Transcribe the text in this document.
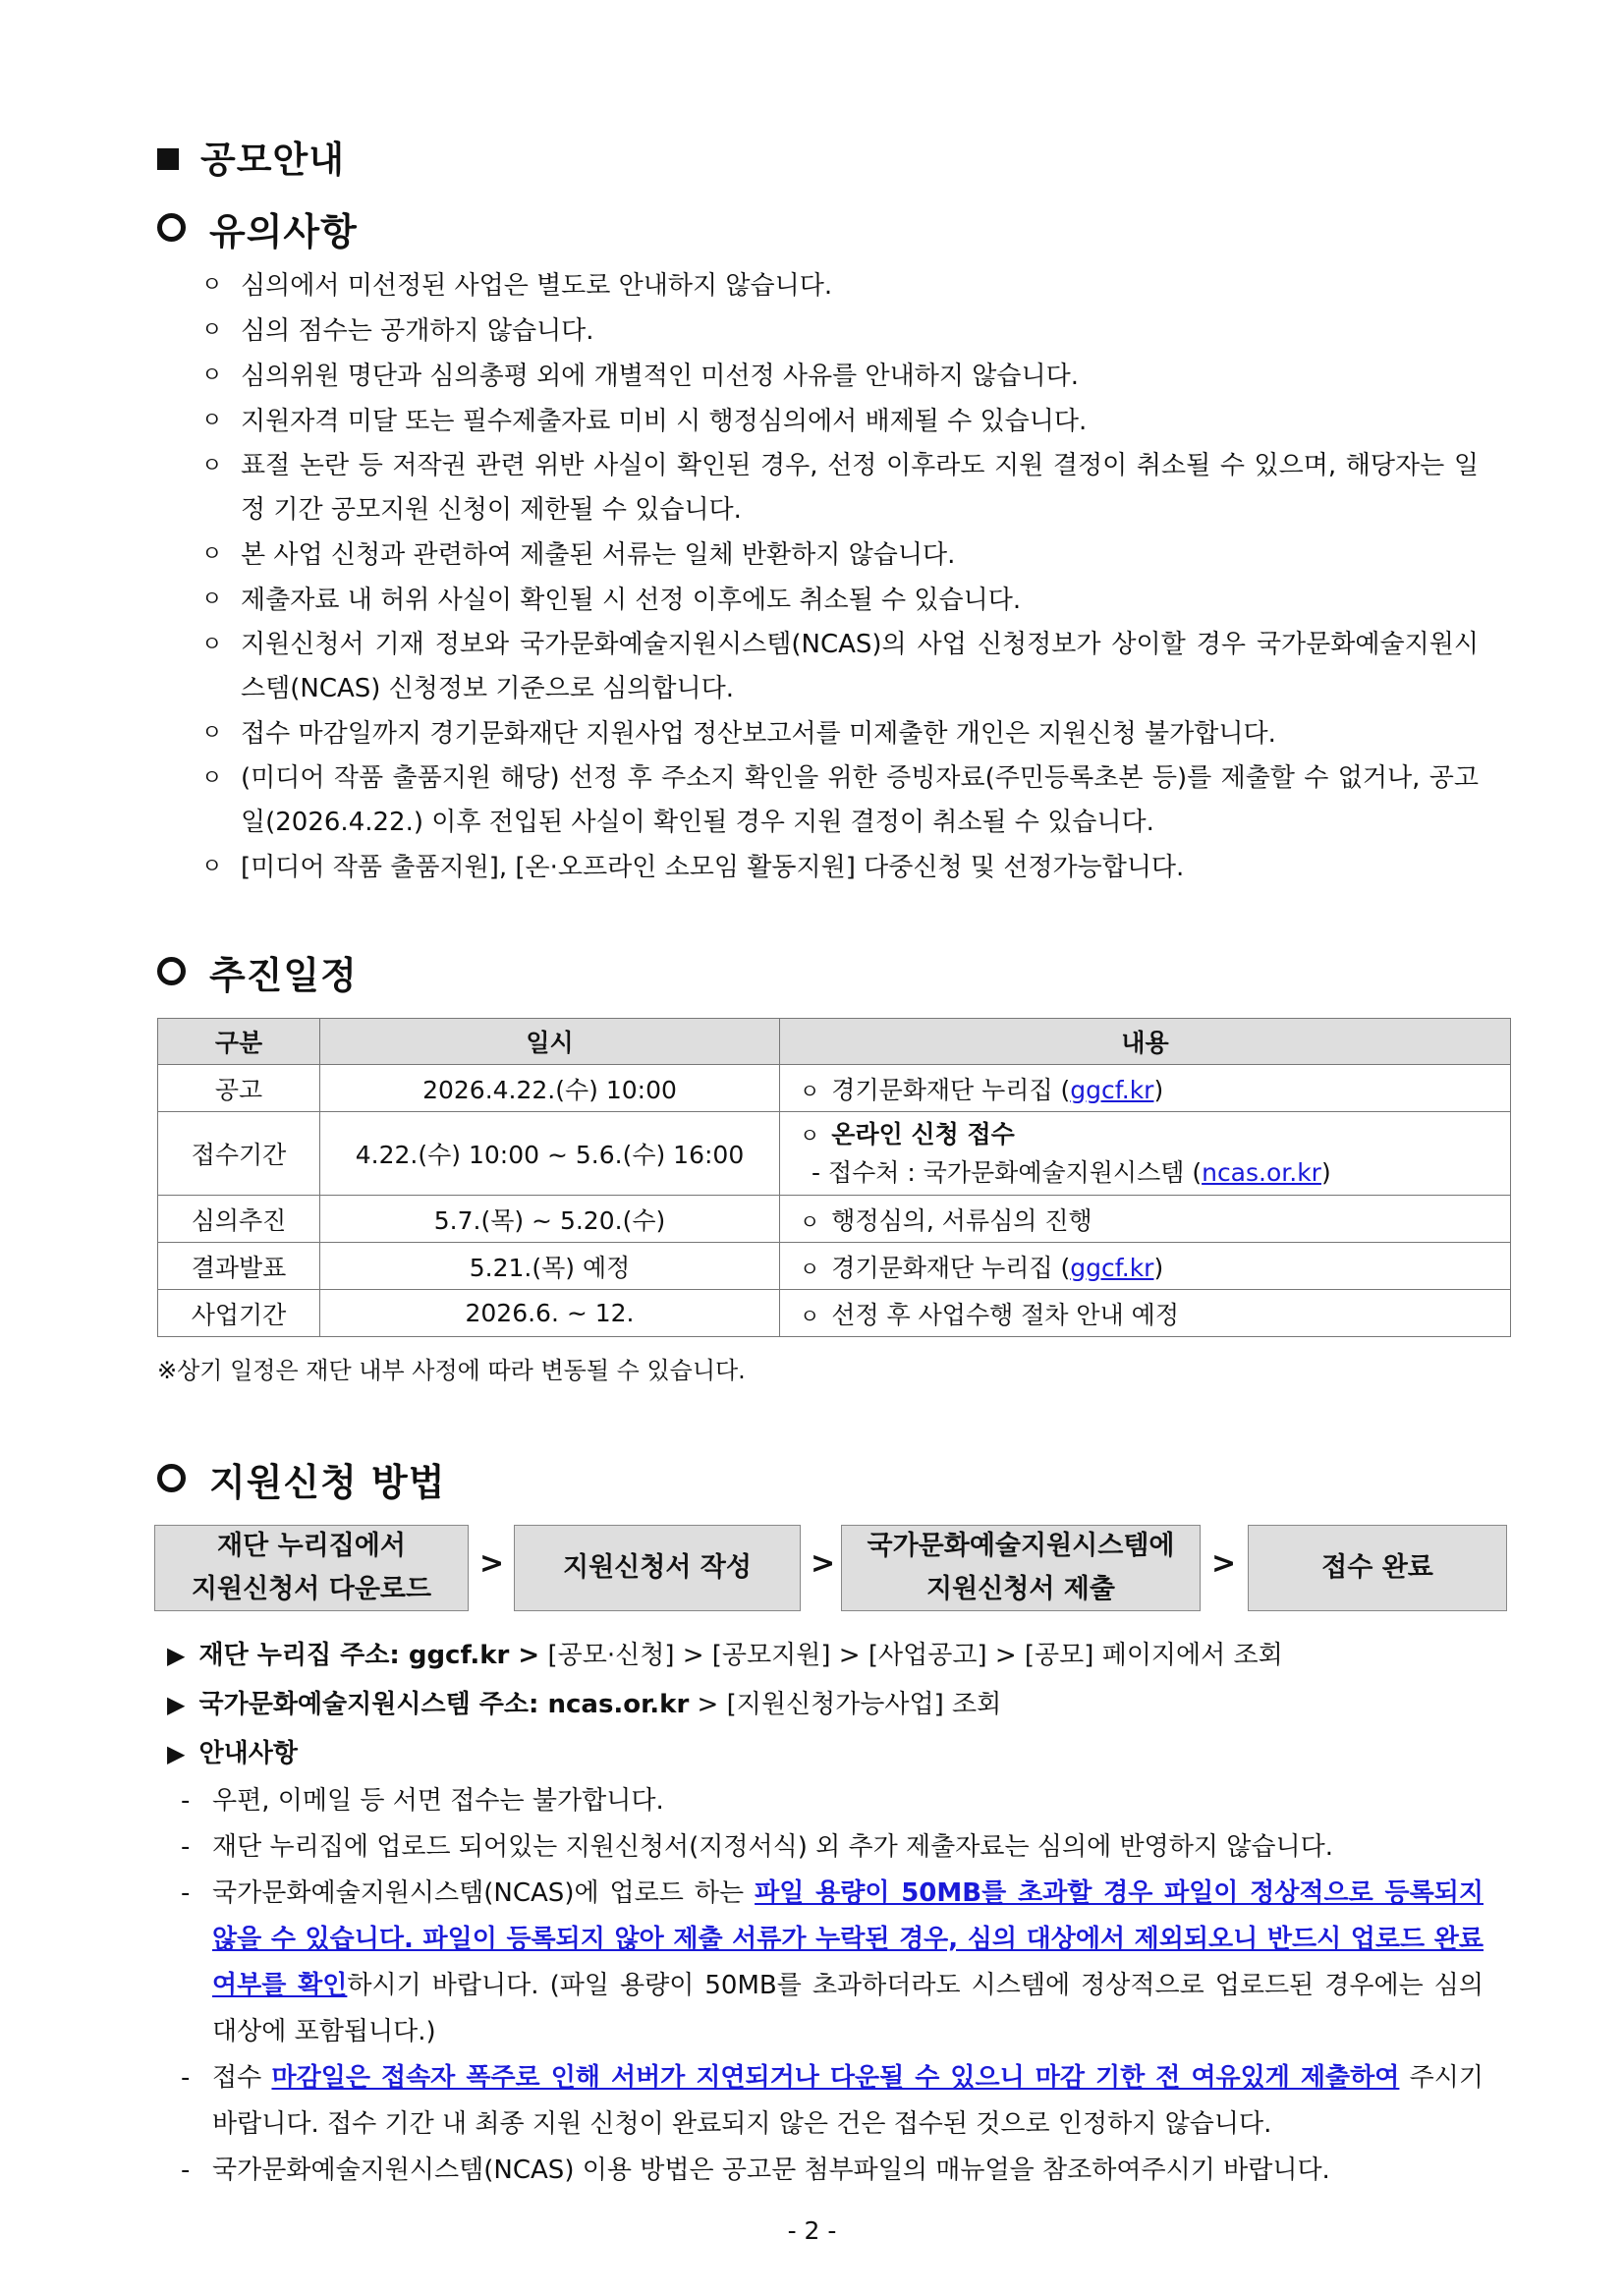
공모안내
유의사항
ㅇ 심의에서 미선정된 사업은 별도로 안내하지 않습니다.
ㅇ 심의 점수는 공개하지 않습니다.
ㅇ 심의위원 명단과 심의총평 외에 개별적인 미선정 사유를 안내하지 않습니다.
ㅇ 지원자격 미달 또는 필수제출자료 미비 시 행정심의에서 배제될 수 있습니다.
ㅇ 표절 논란 등 저작권 관련 위반 사실이 확인된 경우, 선정 이후라도 지원 결정이 취소될 수 있으며, 해당자는 일정 기간 공모지원 신청이 제한될 수 있습니다.
ㅇ 본 사업 신청과 관련하여 제출된 서류는 일체 반환하지 않습니다.
ㅇ 제출자료 내 허위 사실이 확인될 시 선정 이후에도 취소될 수 있습니다.
ㅇ 지원신청서 기재 정보와 국가문화예술지원시스템(NCAS)의 사업 신청정보가 상이할 경우 국가문화예술지원시스템(NCAS) 신청정보 기준으로 심의합니다.
ㅇ 접수 마감일까지 경기문화재단 지원사업 정산보고서를 미제출한 개인은 지원신청 불가합니다.
ㅇ (미디어 작품 출품지원 해당) 선정 후 주소지 확인을 위한 증빙자료(주민등록초본 등)를 제출할 수 없거나, 공고일(2026.4.22.) 이후 전입된 사실이 확인될 경우 지원 결정이 취소될 수 있습니다.
ㅇ [미디어 작품 출품지원], [온·오프라인 소모임 활동지원] 다중신청 및 선정가능합니다.
추진일정
구분	일시	내용
공고	2026.4.22.(수) 10:00	ㅇ 경기문화재단 누리집 (ggcf.kr)
접수기간	4.22.(수) 10:00 ~ 5.6.(수) 16:00	ㅇ 온라인 신청 접수
- 접수처 : 국가문화예술지원시스템 (ncas.or.kr)

심의추진	5.7.(목) ~ 5.20.(수)	ㅇ 행정심의, 서류심의 진행
결과발표	5.21.(목) 예정	ㅇ 경기문화재단 누리집 (ggcf.kr)
사업기간	2026.6. ~ 12.	ㅇ 선정 후 사업수행 절차 안내 예정
※상기 일정은 재단 내부 사정에 따라 변동될 수 있습니다.
지원신청 방법
재단 누리집에서
지원신청서 다운로드
> 지원신청서 작성 >
국가문화예술지원시스템에
지원신청서 제출
>	접수 완료
▶ 재단 누리집 주소: ggcf.kr > [공모·신청] > [공모지원] > [사업공고] > [공모] 페이지에서 조회
▶ 국가문화예술지원시스템 주소: ncas.or.kr > [지원신청가능사업] 조회
▶ 안내사항
- 우편, 이메일 등 서면 접수는 불가합니다.
- 재단 누리집에 업로드 되어있는 지원신청서(지정서식) 외 추가 제출자료는 심의에 반영하지 않습니다.
- 국가문화예술지원시스템(NCAS)에 업로드 하는 파일 용량이 50MB를 초과할 경우 파일이 정상적으로 등록되지 않을 수 있습니다. 파일이 등록되지 않아 제출 서류가 누락된 경우, 심의 대상에서 제외되오니 반드시 업로드 완료 여부를 확인하시기 바랍니다. (파일 용량이 50MB를 초과하더라도 시스템에 정상적으로 업로드된 경우에는 심의 대상에 포함됩니다.)
- 접수 마감일은 접속자 폭주로 인해 서버가 지연되거나 다운될 수 있으니 마감 기한 전 여유있게 제출하여 주시기 바랍니다. 접수 기간 내 최종 지원 신청이 완료되지 않은 건은 접수된 것으로 인정하지 않습니다.
- 국가문화예술지원시스템(NCAS) 이용 방법은 공고문 첨부파일의 매뉴얼을 참조하여주시기 바랍니다.
- 2 -
